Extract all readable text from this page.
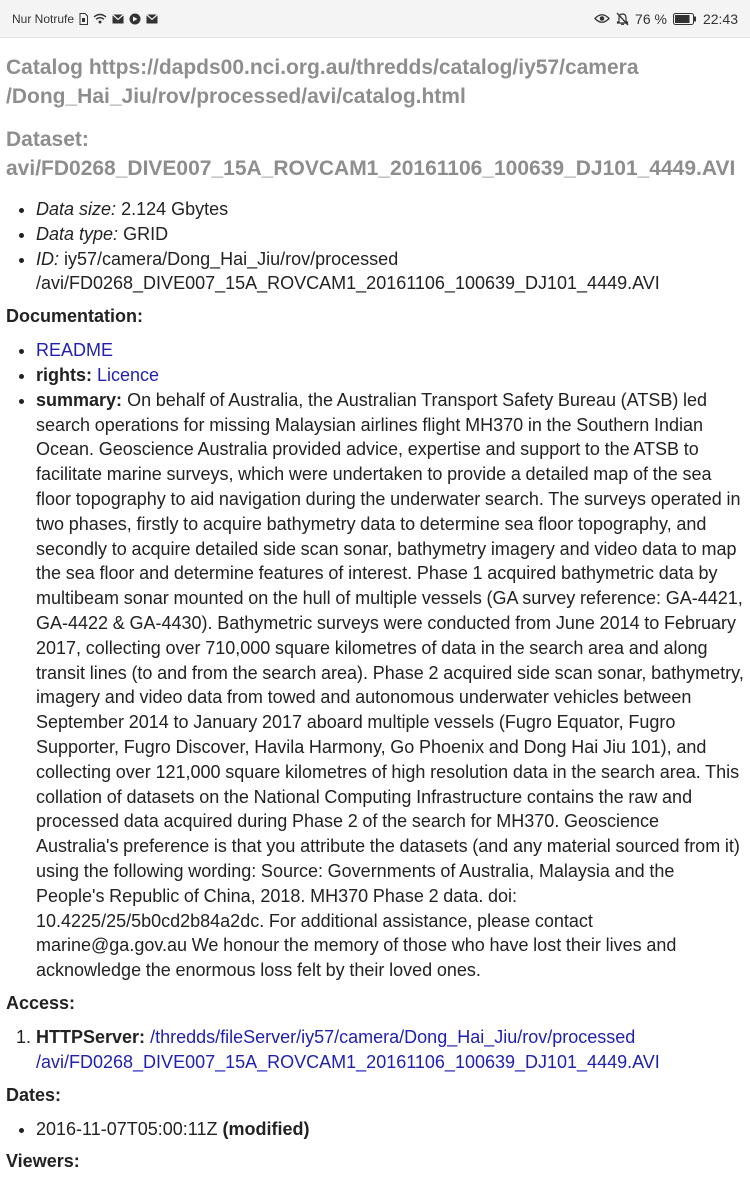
Nur Notrufe	76 %	22:43
Catalog https://dapds00.nci.org.au/thredds/catalog/iy57/camera /Dong_Hai_Jiu/rov/processed/avi/catalog.html
Dataset:
avi/FD0268_DIVE007_15A_ROVCAM1_20161106_100639_DJ101_4449.AVI
• Data size: 2.124 Gbytes
• Data type: GRID
• ID: iy57/camera/Dong_Hai_Jiu/rov/processed
/avi/FD0268_DIVE007_15A_ROVCAM1_20161106_100639_DJ101_4449.AVI
Documentation:
• README
• rights: Licence
• summary: On behalf of Australia, the Australian Transport Safety Bureau (ATSB) led search operations for missing Malaysian airlines flight MH370 in the Southern Indian Ocean. Geoscience Australia provided advice, expertise and support to the ATSB to facilitate marine surveys, which were undertaken to provide a detailed map of the sea floor topography to aid navigation during the underwater search. The surveys operated in two phases, firstly to acquire bathymetry data to determine sea floor topography, and secondly to acquire detailed side scan sonar, bathymetry imagery and video data to map the sea floor and determine features of interest. Phase 1 acquired bathymetric data by multibeam sonar mounted on the hull of multiple vessels (GA survey reference: GA-4421, GA-4422 & GA-4430). Bathymetric surveys were conducted from June 2014 to February 2017, collecting over 710,000 square kilometres of data in the search area and along transit lines (to and from the search area). Phase 2 acquired side scan sonar, bathymetry, imagery and video data from towed and autonomous underwater vehicles between September 2014 to January 2017 aboard multiple vessels (Fugro Equator, Fugro Supporter, Fugro Discover, Havila Harmony, Go Phoenix and Dong Hai Jiu 101), and collecting over 121,000 square kilometres of high resolution data in the search area. This collation of datasets on the National Computing Infrastructure contains the raw and processed data acquired during Phase 2 of the search for MH370. Geoscience Australia's preference is that you attribute the datasets (and any material sourced from it) using the following wording: Source: Governments of Australia, Malaysia and the People's Republic of China, 2018. MH370 Phase 2 data. doi: 10.4225/25/5b0cd2b84a2dc. For additional assistance, please contact marine@ga.gov.au We honour the memory of those who have lost their lives and acknowledge the enormous loss felt by their loved ones.
Access:
1. HTTPServer: /thredds/fileServer/iy57/camera/Dong_Hai_Jiu/rov/processed
/avi/FD0268_DIVE007_15A_ROVCAM1_20161106_100639_DJ101_4449.AVI
Dates:
• 2016-11-07T05:00:11Z (modified)
Viewers:
